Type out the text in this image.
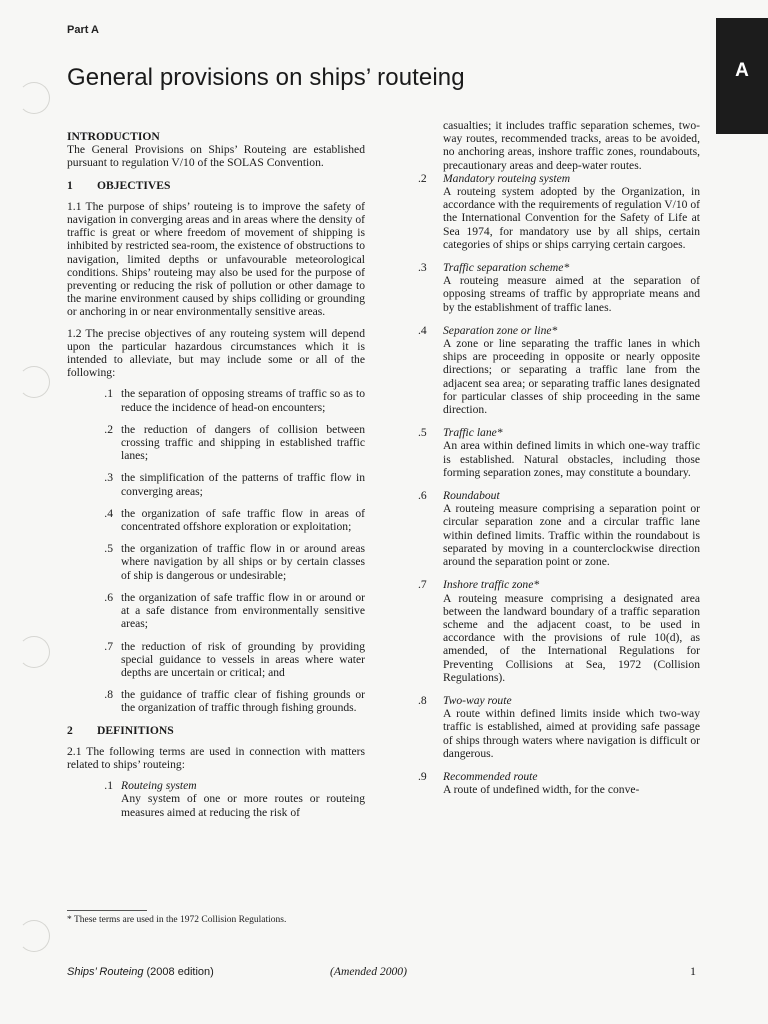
Part A
General provisions on ships’ routeing	A

INTRODUCTION

The General Provisions on Ships’ Routeing are established pursuant to regulation V/10 of the SOLAS Convention.

1	OBJECTIVES

1.1 The purpose of ships’ routeing is to improve the safety of navigation in converging areas and in areas where the density of traffic is great or where freedom of movement of shipping is inhibited by restricted sea-room, the existence of obstructions to navigation, limited depths or unfavourable meteorological conditions. Ships’ routeing may also be used for the purpose of preventing or reducing the risk of pollution or other damage to the marine environment caused by ships colliding or grounding or anchoring in or near environmentally sensitive areas.

1.2 The precise objectives of any routeing system will depend upon the particular hazardous circumstances which it is intended to alleviate, but may include some or all of the following:

.1 the separation of opposing streams of traffic so as to reduce the incidence of head-on encounters;
.2 the reduction of dangers of collision between crossing traffic and shipping in established traffic lanes;
.3 the simplification of the patterns of traffic flow in converging areas;
.4 the organization of safe traffic flow in areas of concentrated offshore exploration or exploitation;
.5 the organization of traffic flow in or around areas where navigation by all ships or by certain classes of ship is dangerous or undesirable;
.6 the organization of safe traffic flow in or around or at a safe distance from environmentally sensitive areas;
.7 the reduction of risk of grounding by providing special guidance to vessels in areas where water depths are uncertain or critical; and
.8 the guidance of traffic clear of fishing grounds or the organization of traffic through fishing grounds.
2	DEFINITIONS

2.1 The following terms are used in connection with matters related to ships’ routeing:

.1 Routeing system
Any system of one or more routes or routeing measures aimed at reducing the risk of

casualties; it includes traffic separation schemes, two-way routes, recommended tracks, areas to be avoided, no anchoring areas, inshore traffic zones, roundabouts, precautionary areas and deep-water routes.

.2	Mandatory routeing system
A routeing system adopted by the Organization, in accordance with the requirements of regulation V/10 of the International Convention for the Safety of Life at Sea 1974, for mandatory use by all ships, certain categories of ships or ships carrying certain cargoes.
.3	Traffic separation scheme*
A routeing measure aimed at the separation of opposing streams of traffic by appropriate means and by the establishment of traffic lanes.
.4	Separation zone or line*
A zone or line separating the traffic lanes in which ships are proceeding in opposite or nearly opposite directions; or separating a traffic lane from the adjacent sea area; or separating traffic lanes designated for particular classes of ship proceeding in the same direction.
.5	Traffic lane*
An area within defined limits in which one-way traffic is established. Natural obstacles, including those forming separation zones, may constitute a boundary.
.6	Roundabout
A routeing measure comprising a separation point or circular separation zone and a circular traffic lane within defined limits. Traffic within the roundabout is separated by moving in a counterclockwise direction around the separation point or zone.
.7	Inshore traffic zone*
A routeing measure comprising a designated area between the landward boundary of a traffic separation scheme and the adjacent coast, to be used in accordance with the provisions of rule 10(d), as amended, of the International Regulations for Preventing Collisions at Sea, 1972 (Collision Regulations).
.8	Two-way route
A route within defined limits inside which two-way traffic is established, aimed at providing safe passage of ships through waters where navigation is difficult or dangerous.
.9	Recommended route
A route of undefined width, for the conve-
* These terms are used in the 1972 Collision Regulations.
Ships’ Routeing (2008 edition)	(Amended 2000)	1
